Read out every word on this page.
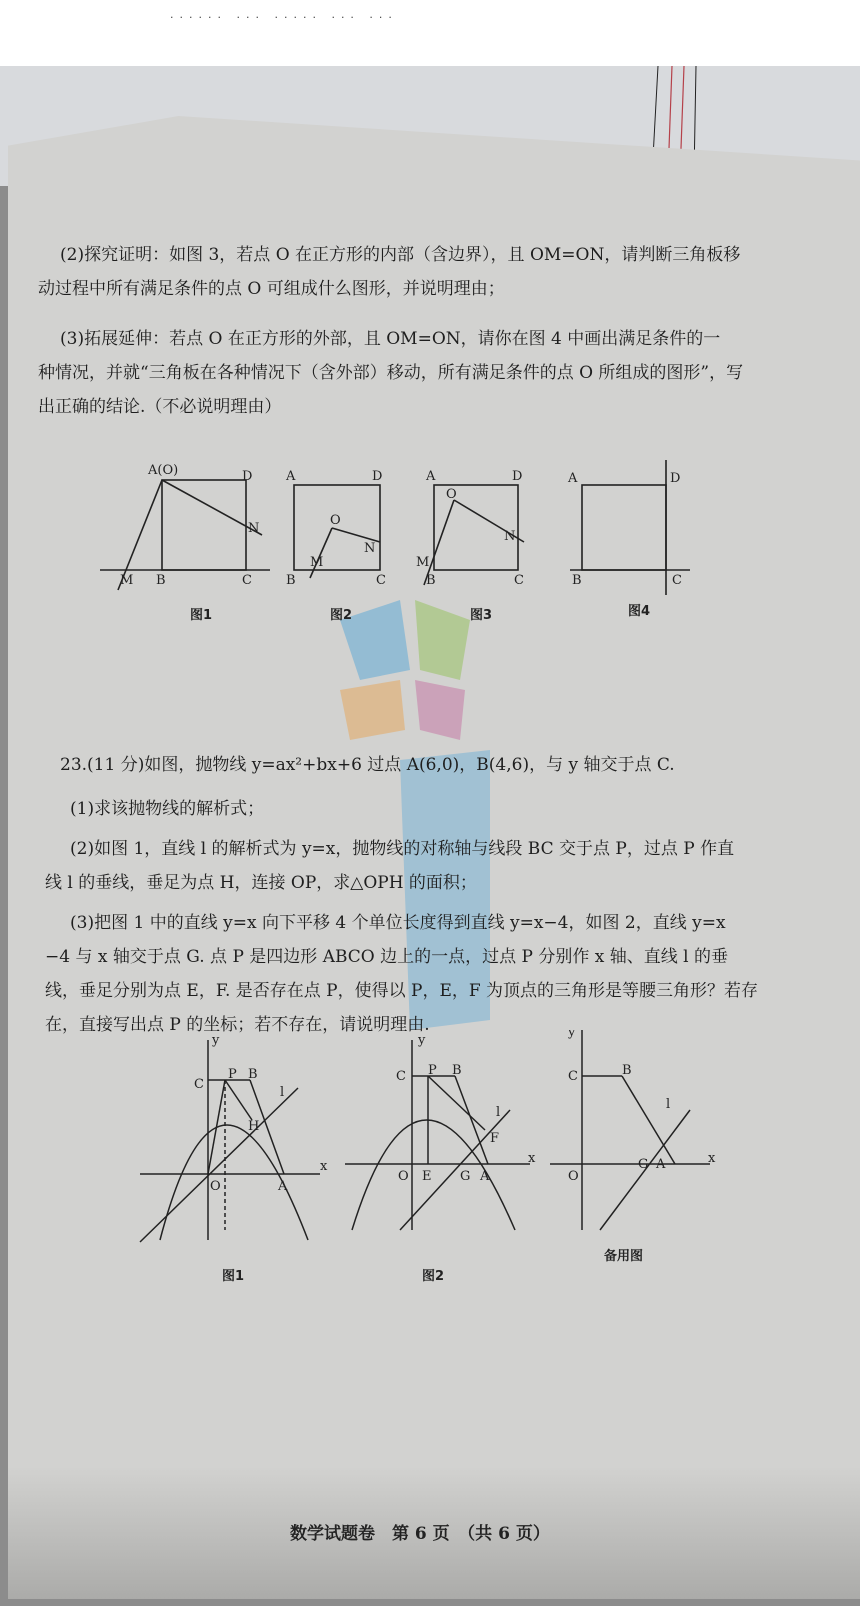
...... ... ..... ... ...
(2)探究证明：如图 3，若点 O 在正方形的内部（含边界），且 OM=ON，请判断三角板移
动过程中所有满足条件的点 O 可组成什么图形，并说明理由；
(3)拓展延伸：若点 O 在正方形的外部，且 OM=ON，请你在图 4 中画出满足条件的一
种情况，并就“三角板在各种情况下（含外部）移动，所有满足条件的点 O 所组成的图形”，写
出正确的结论.（不必说明理由）
23.(11 分)如图，抛物线 y=ax²+bx+6 过点 A(6,0)，B(4,6)，与 y 轴交于点 C.
(1)求该抛物线的解析式；
(2)如图 1，直线 l 的解析式为 y=x，抛物线的对称轴与线段 BC 交于点 P，过点 P 作直
线 l 的垂线，垂足为点 H，连接 OP，求△OPH 的面积；
(3)把图 1 中的直线 y=x 向下平移 4 个单位长度得到直线 y=x−4，如图 2，直线 y=x
−4 与 x 轴交于点 G. 点 P 是四边形 ABCO 边上的一点，过点 P 分别作 x 轴、直线 l 的垂
线，垂足分别为点 E，F. 是否存在点 P，使得以 P，E，F 为顶点的三角形是等腰三角形？若存
在，直接写出点 P 的坐标；若不存在，请说明理由.
A(O)	D
N
M B	C
A	D
O
N
M
B	C
A	D
O
N
M
B	C
A	D
B	C
图1	图2	图3	图4
y
x
C
P B
l
H
O	A
y
x
C P B
l
F
O E G A
y
x
C	B
l
O
G A
图1	图2
备用图
数学试题卷　第 6 页　（共 6 页）
